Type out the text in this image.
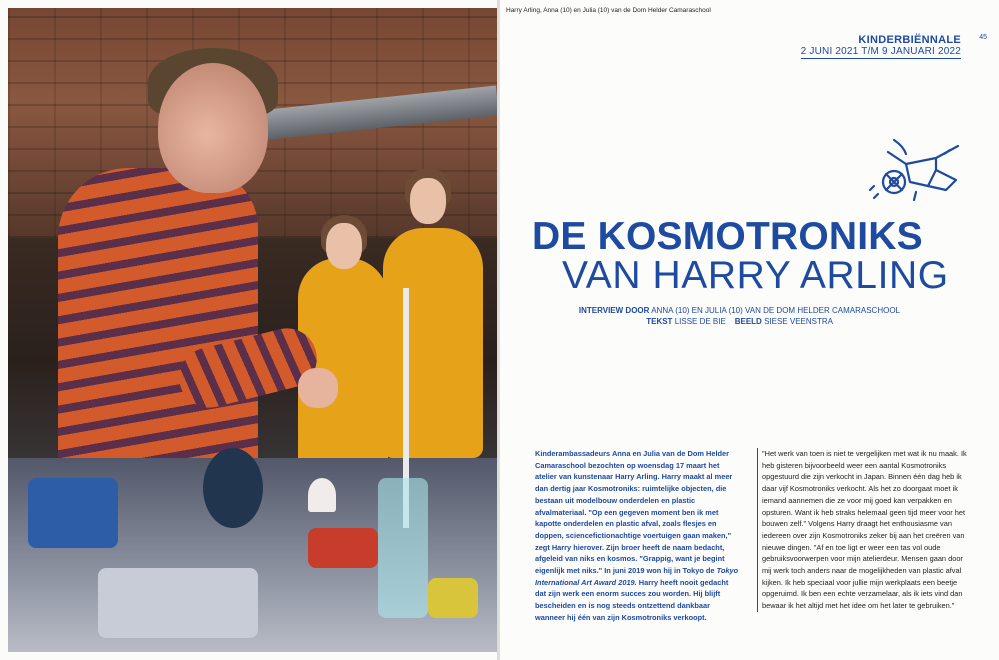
Harry Arling, Anna (10) en Julia (10) van de Dom Helder Camaraschool
KINDERBIËNNALE
2 JUNI 2021 T/M 9 JANUARI 2022
45
DE KOSMOTRONIKS
VAN HARRY ARLING
INTERVIEW DOOR ANNA (10) EN JULIA (10) VAN DE DOM HELDER CAMARASCHOOL
TEKST LISSE DE BIE BEELD SIESE VEENSTRA

Kinderambassadeurs Anna en Julia van de Dom Helder Camaraschool bezochten op woensdag 17 maart het atelier van kunstenaar Harry Arling. Harry maakt al meer dan dertig jaar Kosmotroniks: ruimtelijke objecten, die bestaan uit modelbouw onderdelen en plastic afvalmateriaal. "Op een gegeven moment ben ik met kapotte onderdelen en plastic afval, zoals flesjes en doppen, sciencefictionachtige voertuigen gaan maken," zegt Harry hierover. Zijn broer heeft de naam bedacht, afgeleid van niks en kosmos. "Grappig, want je begint eigenlijk met niks." In juni 2019 won hij in Tokyo de Tokyo International Art Award 2019. Harry heeft nooit gedacht dat zijn werk een enorm succes zou worden. Hij blijft bescheiden en is nog steeds ontzettend dankbaar wanneer hij één van zijn Kosmotroniks verkoopt.

"Het werk van toen is niet te vergelijken met wat ik nu maak. Ik heb gisteren bijvoorbeeld weer een aantal Kosmotroniks opgestuurd die zijn verkocht in Japan. Binnen één dag heb ik daar vijf Kosmotroniks verkocht. Als het zo doorgaat moet ik iemand aannemen die ze voor mij goed kan verpakken en opsturen. Want ik heb straks helemaal geen tijd meer voor het bouwen zelf." Volgens Harry draagt het enthousiasme van iedereen over zijn Kosmotroniks zeker bij aan het creëren van nieuwe dingen. "Af en toe ligt er weer een tas vol oude gebruiksvoorwerpen voor mijn atelierdeur. Mensen gaan door mij werk toch anders naar de mogelijkheden van plastic afval kijken. Ik heb speciaal voor jullie mijn werkplaats een beetje opgeruimd. Ik ben een echte verzamelaar, als ik iets vind dan bewaar ik het altijd met het idee om het later te gebruiken."
